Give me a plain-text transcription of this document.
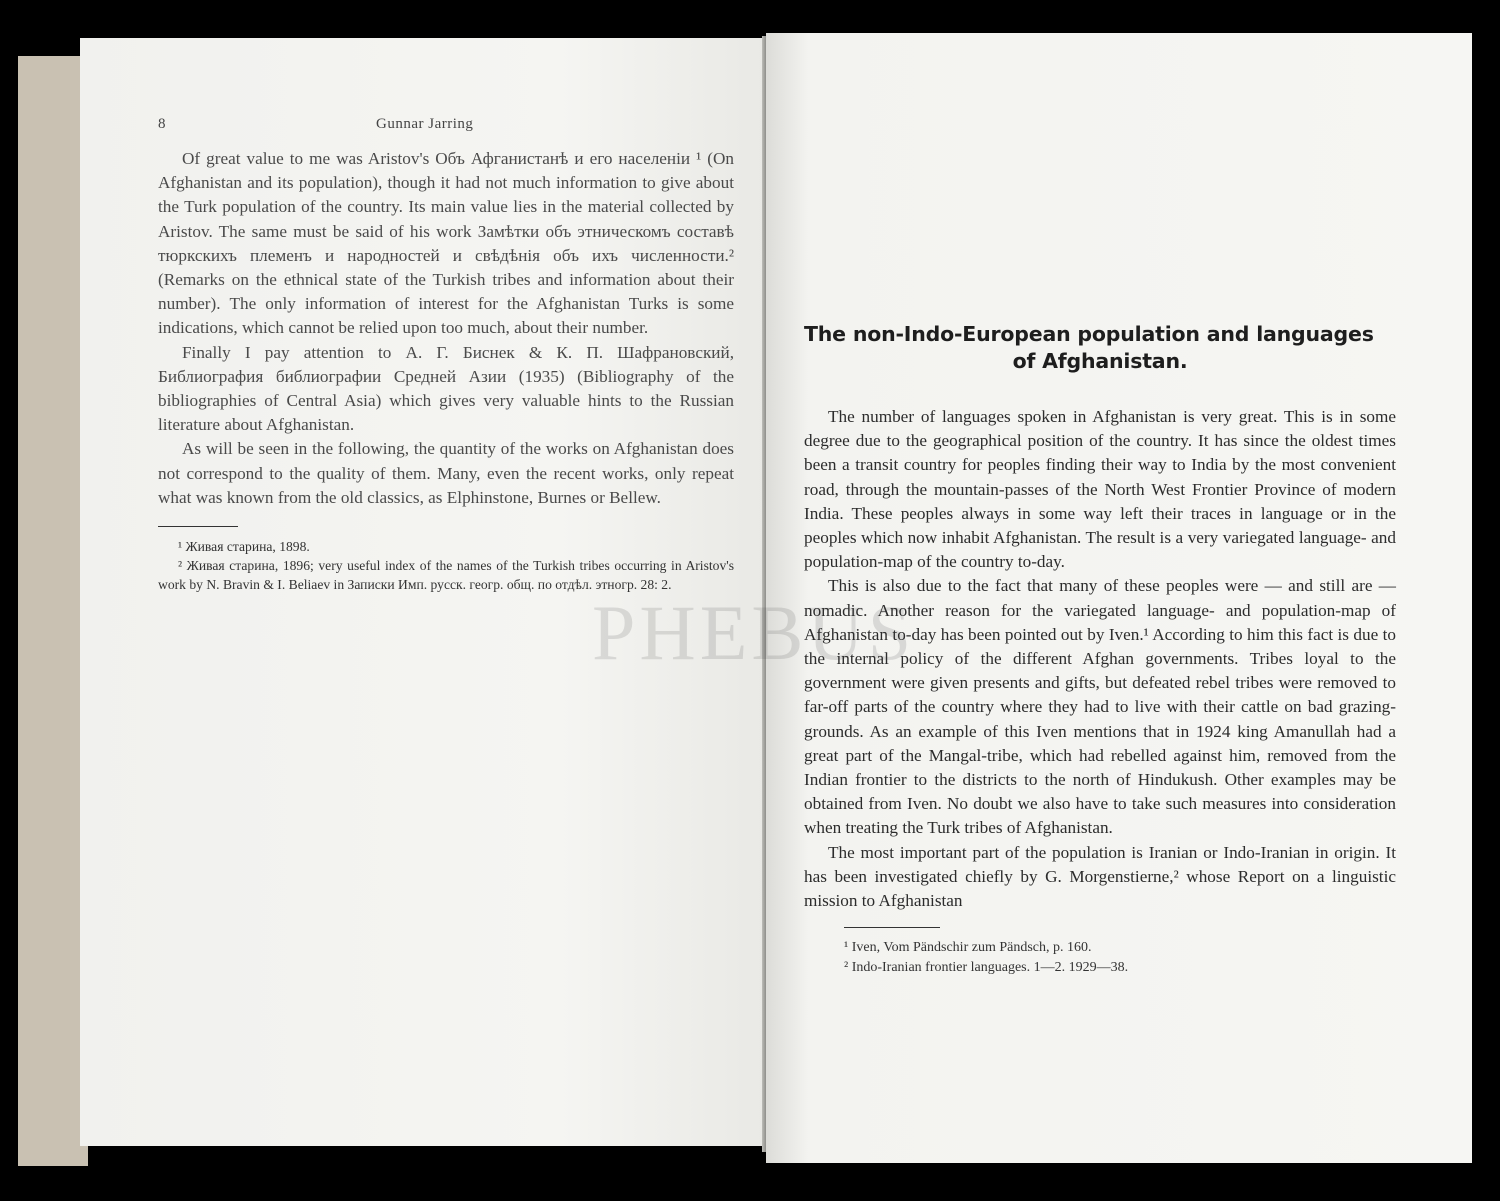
8	Gunnar Jarring

Of great value to me was Aristov's Объ Афганистанѣ и его населеніи ¹ (On Afghanistan and its population), though it had not much information to give about the Turk population of the country. Its main value lies in the material collected by Aristov. The same must be said of his work Замѣтки объ этническомъ составѣ тюркскихъ племенъ и народностей и свѣдѣнія объ ихъ численности.² (Remarks on the ethnical state of the Turkish tribes and information about their number). The only information of interest for the Afghanistan Turks is some indications, which cannot be relied upon too much, about their number.

Finally I pay attention to А. Г. Биснек & К. П. Шафрановский, Библиография библиографии Средней Азии (1935) (Bibliography of the bibliographies of Central Asia) which gives very valuable hints to the Russian literature about Afghanistan.

As will be seen in the following, the quantity of the works on Afghanistan does not correspond to the quality of them. Many, even the recent works, only repeat what was known from the old classics, as Elphinstone, Burnes or Bellew.

¹ Живая старина, 1898.

² Живая старина, 1896; very useful index of the names of the Turkish tribes occurring in Aristov's work by N. Bravin & I. Beliaev in Записки Имп. русск. геогр. общ. по отдѣл. этногр. 28: 2.

The non-Indo-European population and languages
of Afghanistan.

The number of languages spoken in Afghanistan is very great. This is in some degree due to the geographical position of the country. It has since the oldest times been a transit country for peoples finding their way to India by the most convenient road, through the mountain-passes of the North West Frontier Province of modern India. These peoples always in some way left their traces in language or in the peoples which now inhabit Afghanistan. The result is a very variegated language- and population-map of the country to-day.

This is also due to the fact that many of these peoples were — and still are — nomadic. Another reason for the variegated language- and population-map of Afghanistan to-day has been pointed out by Iven.¹ According to him this fact is due to the internal policy of the different Afghan governments. Tribes loyal to the government were given presents and gifts, but defeated rebel tribes were removed to far-off parts of the country where they had to live with their cattle on bad grazing-grounds. As an example of this Iven mentions that in 1924 king Amanullah had a great part of the Mangal-tribe, which had rebelled against him, removed from the Indian frontier to the districts to the north of Hindukush. Other examples may be obtained from Iven. No doubt we also have to take such measures into consideration when treating the Turk tribes of Afghanistan.

The most important part of the population is Iranian or Indo-Iranian in origin. It has been investigated chiefly by G. Morgenstierne,² whose Report on a linguistic mission to Afghanistan

¹ Iven, Vom Pändschir zum Pändsch, p. 160.

² Indo-Iranian frontier languages. 1—2. 1929—38.
